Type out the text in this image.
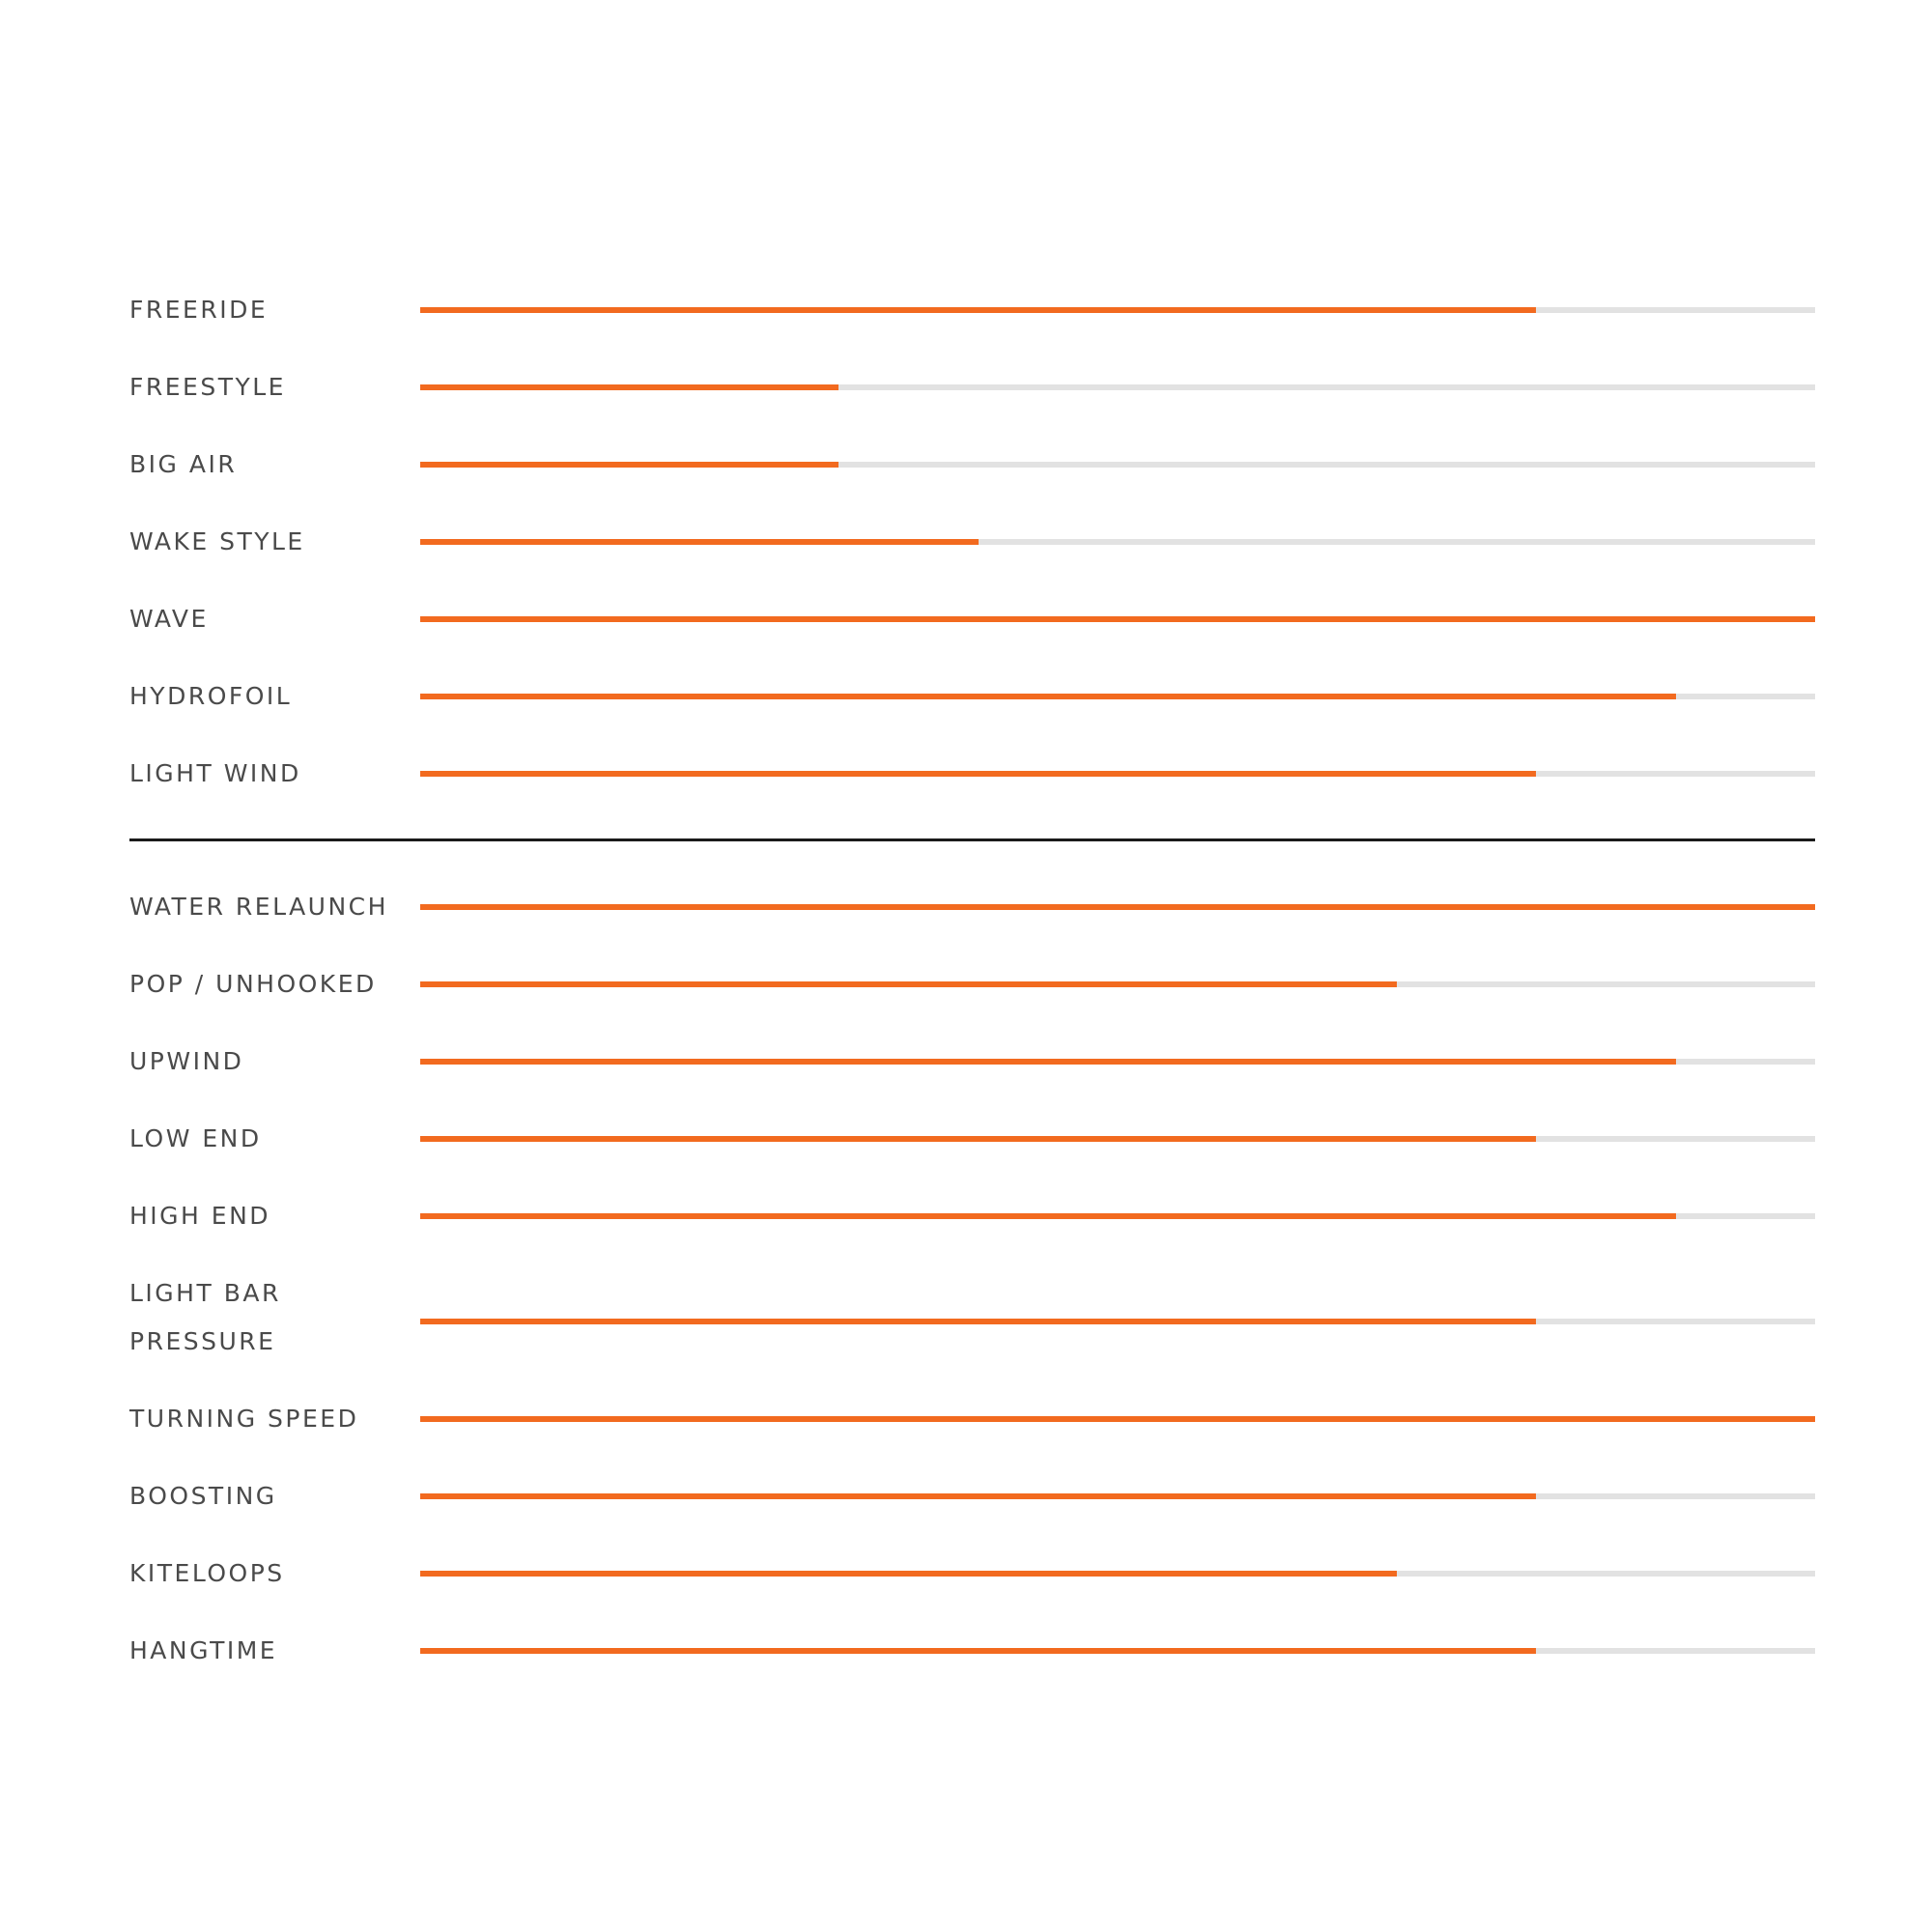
FREERIDE
FREESTYLE
BIG AIR
WAKE STYLE
WAVE
HYDROFOIL
LIGHT WIND
WATER RELAUNCH
POP / UNHOOKED
UPWIND
LOW END
HIGH END
LIGHT BAR PRESSURE
TURNING SPEED
BOOSTING
KITELOOPS
HANGTIME
